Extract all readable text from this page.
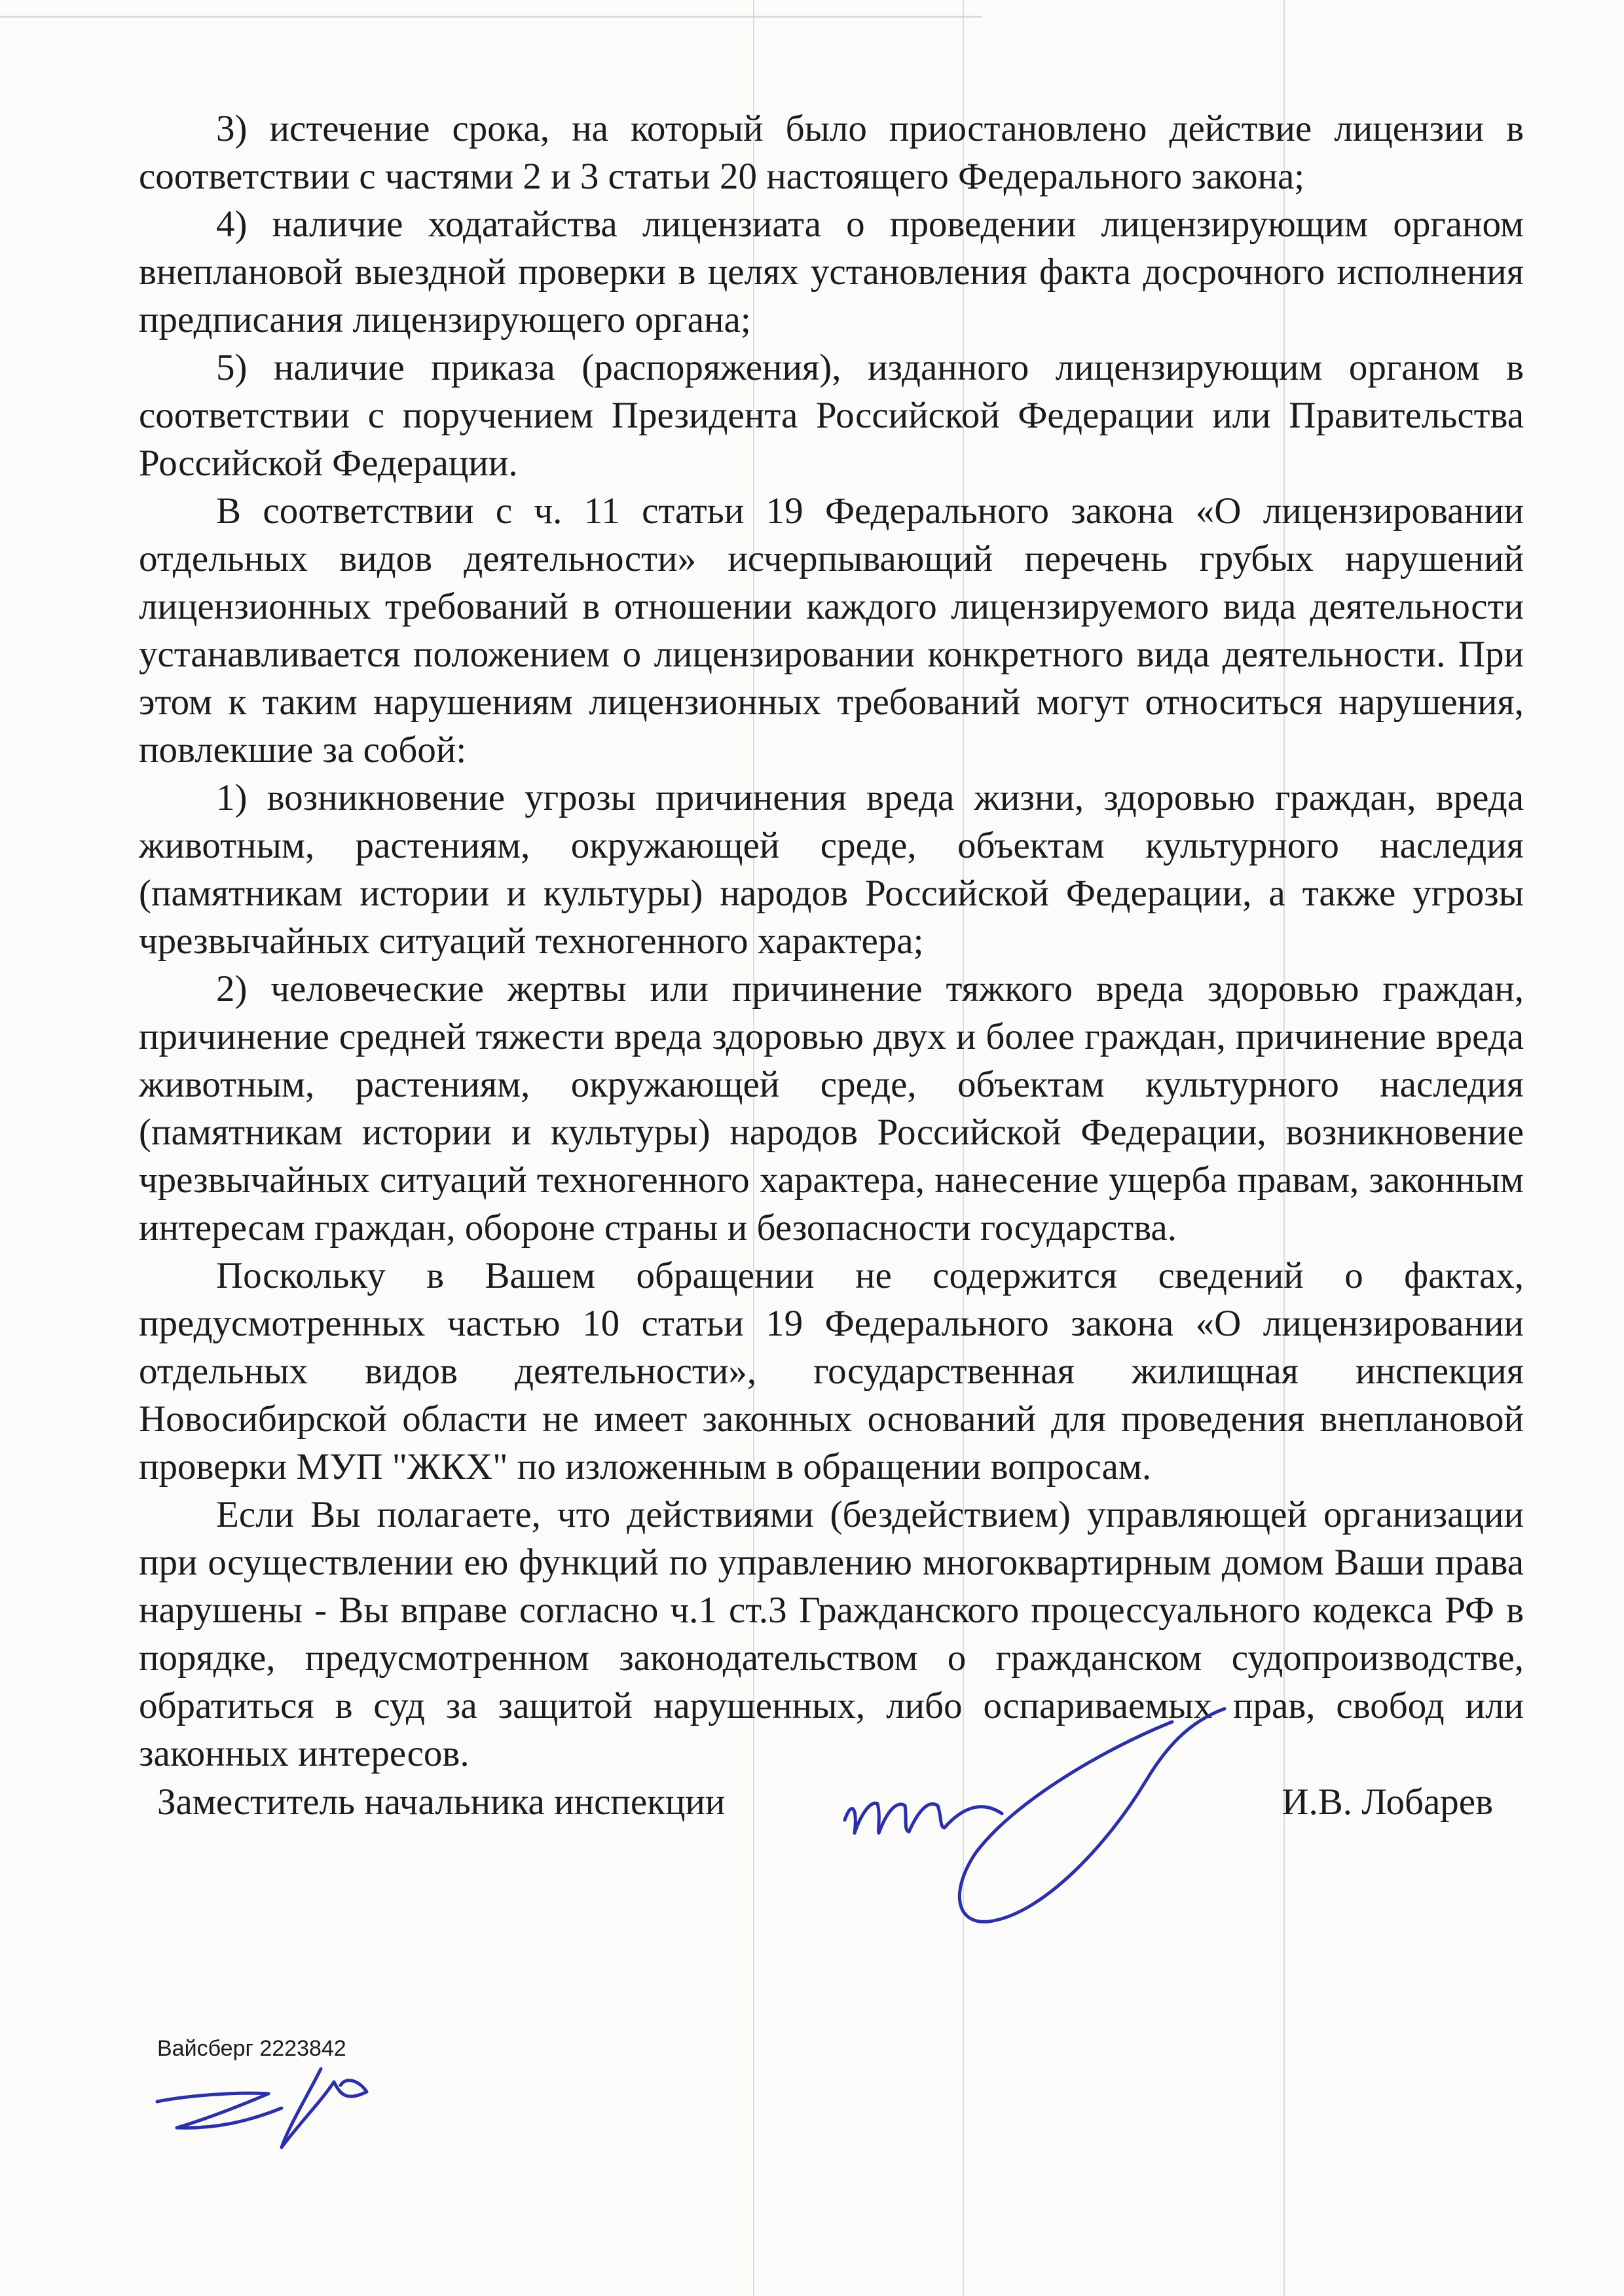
3) истечение срока, на который было приостановлено действие лицензии в соответствии с частями 2 и 3 статьи 20 настоящего Федерального закона;

4) наличие ходатайства лицензиата о проведении лицензирующим органом внеплановой выездной проверки в целях установления факта досрочного исполнения предписания лицензирующего органа;

5) наличие приказа (распоряжения), изданного лицензирующим органом в соответствии с поручением Президента Российской Федерации или Правительства Российской Федерации.

В соответствии с ч. 11 статьи 19 Федерального закона «О лицензировании отдельных видов деятельности» исчерпывающий перечень грубых нарушений лицензионных требований в отношении каждого лицензируемого вида деятельности устанавливается положением о лицензировании конкретного вида деятельности. При этом к таким нарушениям лицензионных требований могут относиться нарушения, повлекшие за собой:

1) возникновение угрозы причинения вреда жизни, здоровью граждан, вреда животным, растениям, окружающей среде, объектам культурного наследия (памятникам истории и культуры) народов Российской Федерации, а также угрозы чрезвычайных ситуаций техногенного характера;

2) человеческие жертвы или причинение тяжкого вреда здоровью граждан, причинение средней тяжести вреда здоровью двух и более граждан, причинение вреда животным, растениям, окружающей среде, объектам культурного наследия (памятникам истории и культуры) народов Российской Федерации, возникновение чрезвычайных ситуаций техногенного характера, нанесение ущерба правам, законным интересам граждан, обороне страны и безопасности государства.

Поскольку в Вашем обращении не содержится сведений о фактах, предусмотренных частью 10 статьи 19 Федерального закона «О лицензировании отдельных видов деятельности», государственная жилищная инспекция Новосибирской области не имеет законных оснований для проведения внеплановой проверки МУП "ЖКХ" по изложенным в обращении вопросам.

Если Вы полагаете, что действиями (бездействием) управляющей организации при осуществлении ею функций по управлению многоквартирным домом Ваши права нарушены - Вы вправе согласно ч.1 ст.3 Гражданского процессуального кодекса РФ в порядке, предусмотренном законодательством о гражданском судопроизводстве, обратиться в суд за защитой нарушенных, либо оспариваемых прав, свобод или законных интересов.

Заместитель начальника инспекции	И.В. Лобарев
Вайсберг 2223842
